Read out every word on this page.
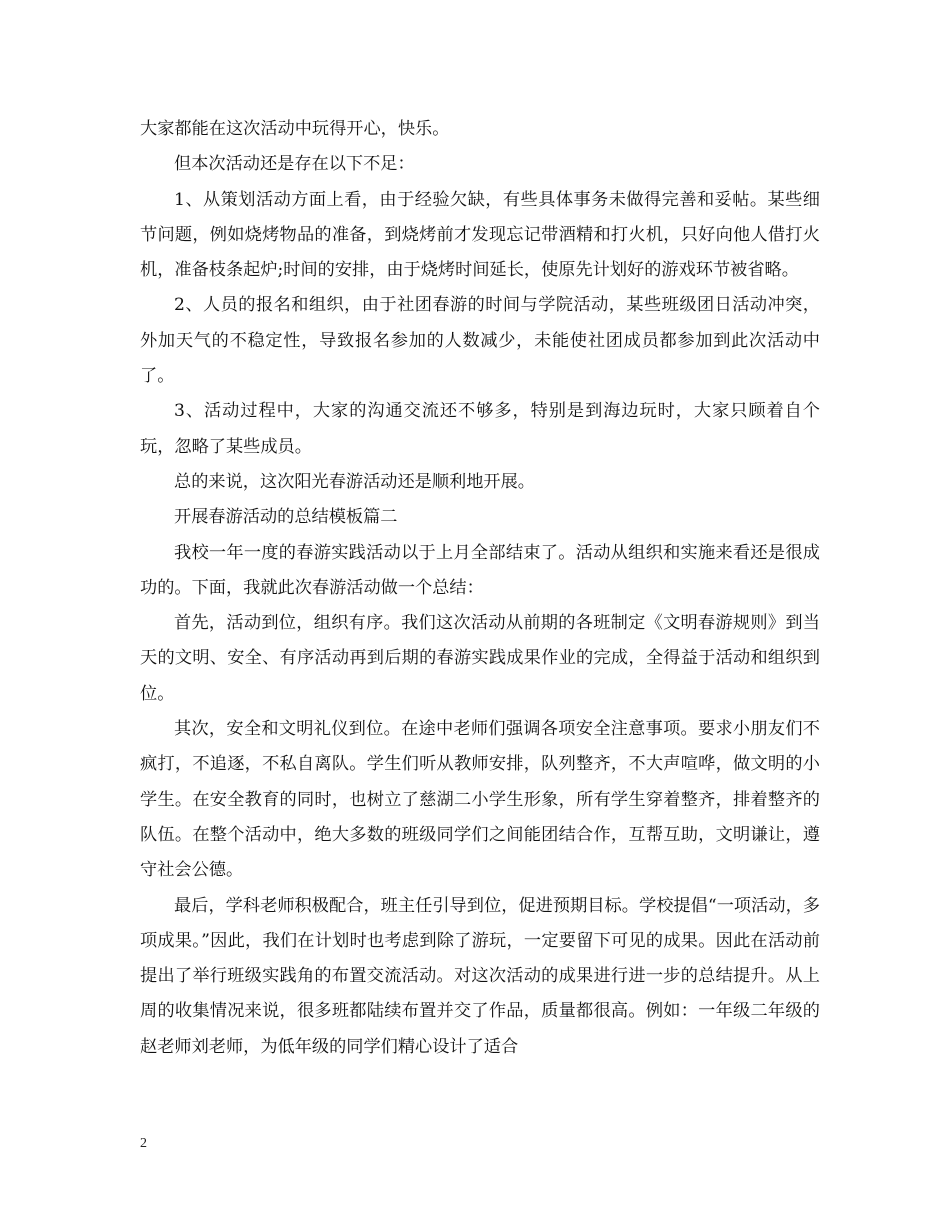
大家都能在这次活动中玩得开心，快乐。

但本次活动还是存在以下不足：

1、从策划活动方面上看，由于经验欠缺，有些具体事务未做得完善和妥帖。某些细节问题，例如烧烤物品的准备，到烧烤前才发现忘记带酒精和打火机，只好向他人借打火机，准备枝条起炉;时间的安排，由于烧烤时间延长，使原先计划好的游戏环节被省略。

2、人员的报名和组织，由于社团春游的时间与学院活动，某些班级团日活动冲突，外加天气的不稳定性，导致报名参加的人数减少，未能使社团成员都参加到此次活动中了。

3、活动过程中，大家的沟通交流还不够多，特别是到海边玩时，大家只顾着自个玩，忽略了某些成员。

总的来说，这次阳光春游活动还是顺利地开展。

开展春游活动的总结模板篇二

我校一年一度的春游实践活动以于上月全部结束了。活动从组织和实施来看还是很成功的。下面，我就此次春游活动做一个总结：

首先，活动到位，组织有序。我们这次活动从前期的各班制定《文明春游规则》到当天的文明、安全、有序活动再到后期的春游实践成果作业的完成，全得益于活动和组织到位。

其次，安全和文明礼仪到位。在途中老师们强调各项安全注意事项。要求小朋友们不疯打，不追逐，不私自离队。学生们听从教师安排，队列整齐，不大声喧哗，做文明的小学生。在安全教育的同时，也树立了慈湖二小学生形象，所有学生穿着整齐，排着整齐的队伍。在整个活动中，绝大多数的班级同学们之间能团结合作，互帮互助，文明谦让，遵守社会公德。

最后，学科老师积极配合，班主任引导到位，促进预期目标。学校提倡“一项活动，多项成果。”因此，我们在计划时也考虑到除了游玩，一定要留下可见的成果。因此在活动前提出了举行班级实践角的布置交流活动。对这次活动的成果进行进一步的总结提升。从上周的收集情况来说，很多班都陆续布置并交了作品，质量都很高。例如：一年级二年级的赵老师刘老师，为低年级的同学们精心设计了适合

2
